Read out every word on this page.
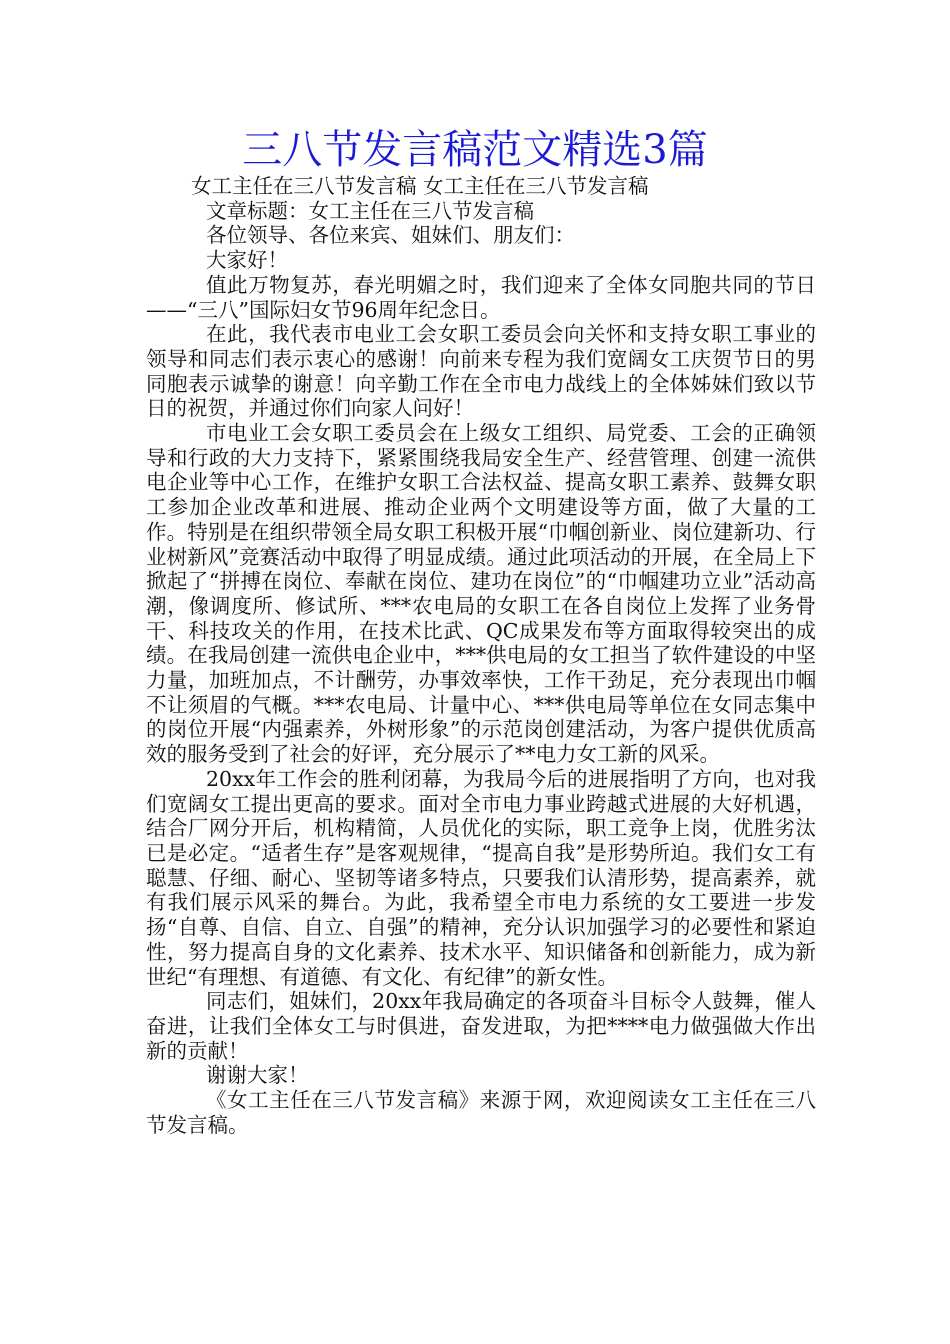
三八节发言稿范文精选3篇

女工主任在三八节发言稿 女工主任在三八节发言稿

文章标题：女工主任在三八节发言稿

各位领导、各位来宾、姐妹们、朋友们：

大家好！

值此万物复苏，春光明媚之时，我们迎来了全体女同胞共同的节日——“三八”国际妇女节96周年纪念日。

在此，我代表市电业工会女职工委员会向关怀和支持女职工事业的领导和同志们表示衷心的感谢！向前来专程为我们宽阔女工庆贺节日的男同胞表示诚挚的谢意！向辛勤工作在全市电力战线上的全体姊妹们致以节日的祝贺，并通过你们向家人问好！

市电业工会女职工委员会在上级女工组织、局党委、工会的正确领导和行政的大力支持下，紧紧围绕我局安全生产、经营管理、创建一流供电企业等中心工作，在维护女职工合法权益、提高女职工素养、鼓舞女职工参加企业改革和进展、推动企业两个文明建设等方面，做了大量的工作。特别是在组织带领全局女职工积极开展“巾帼创新业、岗位建新功、行业树新风”竞赛活动中取得了明显成绩。通过此项活动的开展，在全局上下掀起了“拼搏在岗位、奉献在岗位、建功在岗位”的“巾帼建功立业”活动高潮，像调度所、修试所、***农电局的女职工在各自岗位上发挥了业务骨干、科技攻关的作用，在技术比武、QC成果发布等方面取得较突出的成绩。在我局创建一流供电企业中，***供电局的女工担当了软件建设的中坚力量，加班加点，不计酬劳，办事效率快，工作干劲足，充分表现出巾帼不让须眉的气概。***农电局、计量中心、***供电局等单位在女同志集中的岗位开展“内强素养，外树形象”的示范岗创建活动，为客户提供优质高效的服务受到了社会的好评，充分展示了**电力女工新的风采。

20xx年工作会的胜利闭幕，为我局今后的进展指明了方向，也对我们宽阔女工提出更高的要求。面对全市电力事业跨越式进展的大好机遇，结合厂网分开后，机构精简，人员优化的实际，职工竞争上岗，优胜劣汰已是必定。“适者生存”是客观规律，“提高自我”是形势所迫。我们女工有聪慧、仔细、耐心、坚韧等诸多特点，只要我们认清形势，提高素养，就有我们展示风采的舞台。为此，我希望全市电力系统的女工要进一步发扬“自尊、自信、自立、自强”的精神，充分认识加强学习的必要性和紧迫性，努力提高自身的文化素养、技术水平、知识储备和创新能力，成为新世纪“有理想、有道德、有文化、有纪律”的新女性。

同志们，姐妹们，20xx年我局确定的各项奋斗目标令人鼓舞，催人奋进，让我们全体女工与时俱进，奋发进取，为把****电力做强做大作出新的贡献！

谢谢大家！

《女工主任在三八节发言稿》来源于网，欢迎阅读女工主任在三八节发言稿。
